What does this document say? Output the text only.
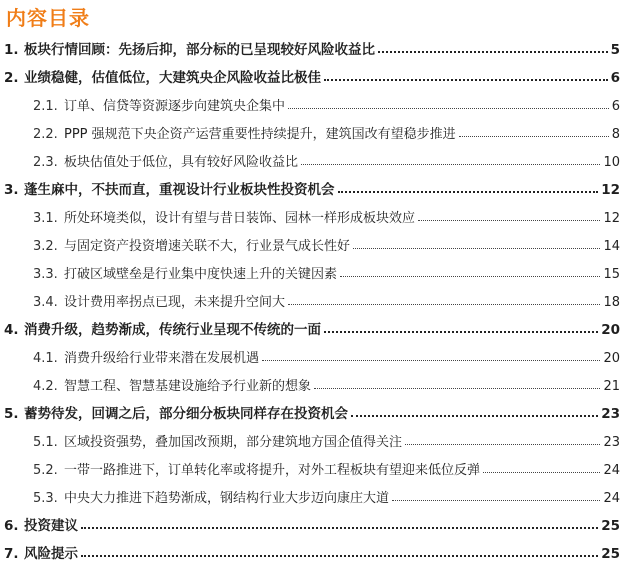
内容目录
1. 板块行情回顾：先扬后抑，部分标的已呈现较好风险收益比	5
2. 业绩稳健，估值低位，大建筑央企风险收益比极佳	6
2.1. 订单、信贷等资源逐步向建筑央企集中	6
2.2. PPP 强规范下央企资产运营重要性持续提升，建筑国改有望稳步推进	8
2.3. 板块估值处于低位，具有较好风险收益比	10
3. 蓬生麻中，不扶而直，重视设计行业板块性投资机会	12
3.1. 所处环境类似，设计有望与昔日装饰、园林一样形成板块效应	12
3.2. 与固定资产投资增速关联不大，行业景气成长性好	14
3.3. 打破区域壁垒是行业集中度快速上升的关键因素	15
3.4. 设计费用率拐点已现，未来提升空间大	18
4. 消费升级，趋势渐成，传统行业呈现不传统的一面	20
4.1. 消费升级给行业带来潜在发展机遇	20
4.2. 智慧工程、智慧基建设施给予行业新的想象	21
5. 蓄势待发，回调之后，部分细分板块同样存在投资机会	23
5.1. 区域投资强势，叠加国改预期，部分建筑地方国企值得关注	23
5.2. 一带一路推进下，订单转化率或将提升，对外工程板块有望迎来低位反弹	24
5.3. 中央大力推进下趋势渐成，钢结构行业大步迈向康庄大道	24
6. 投资建议	25
7. 风险提示	25
